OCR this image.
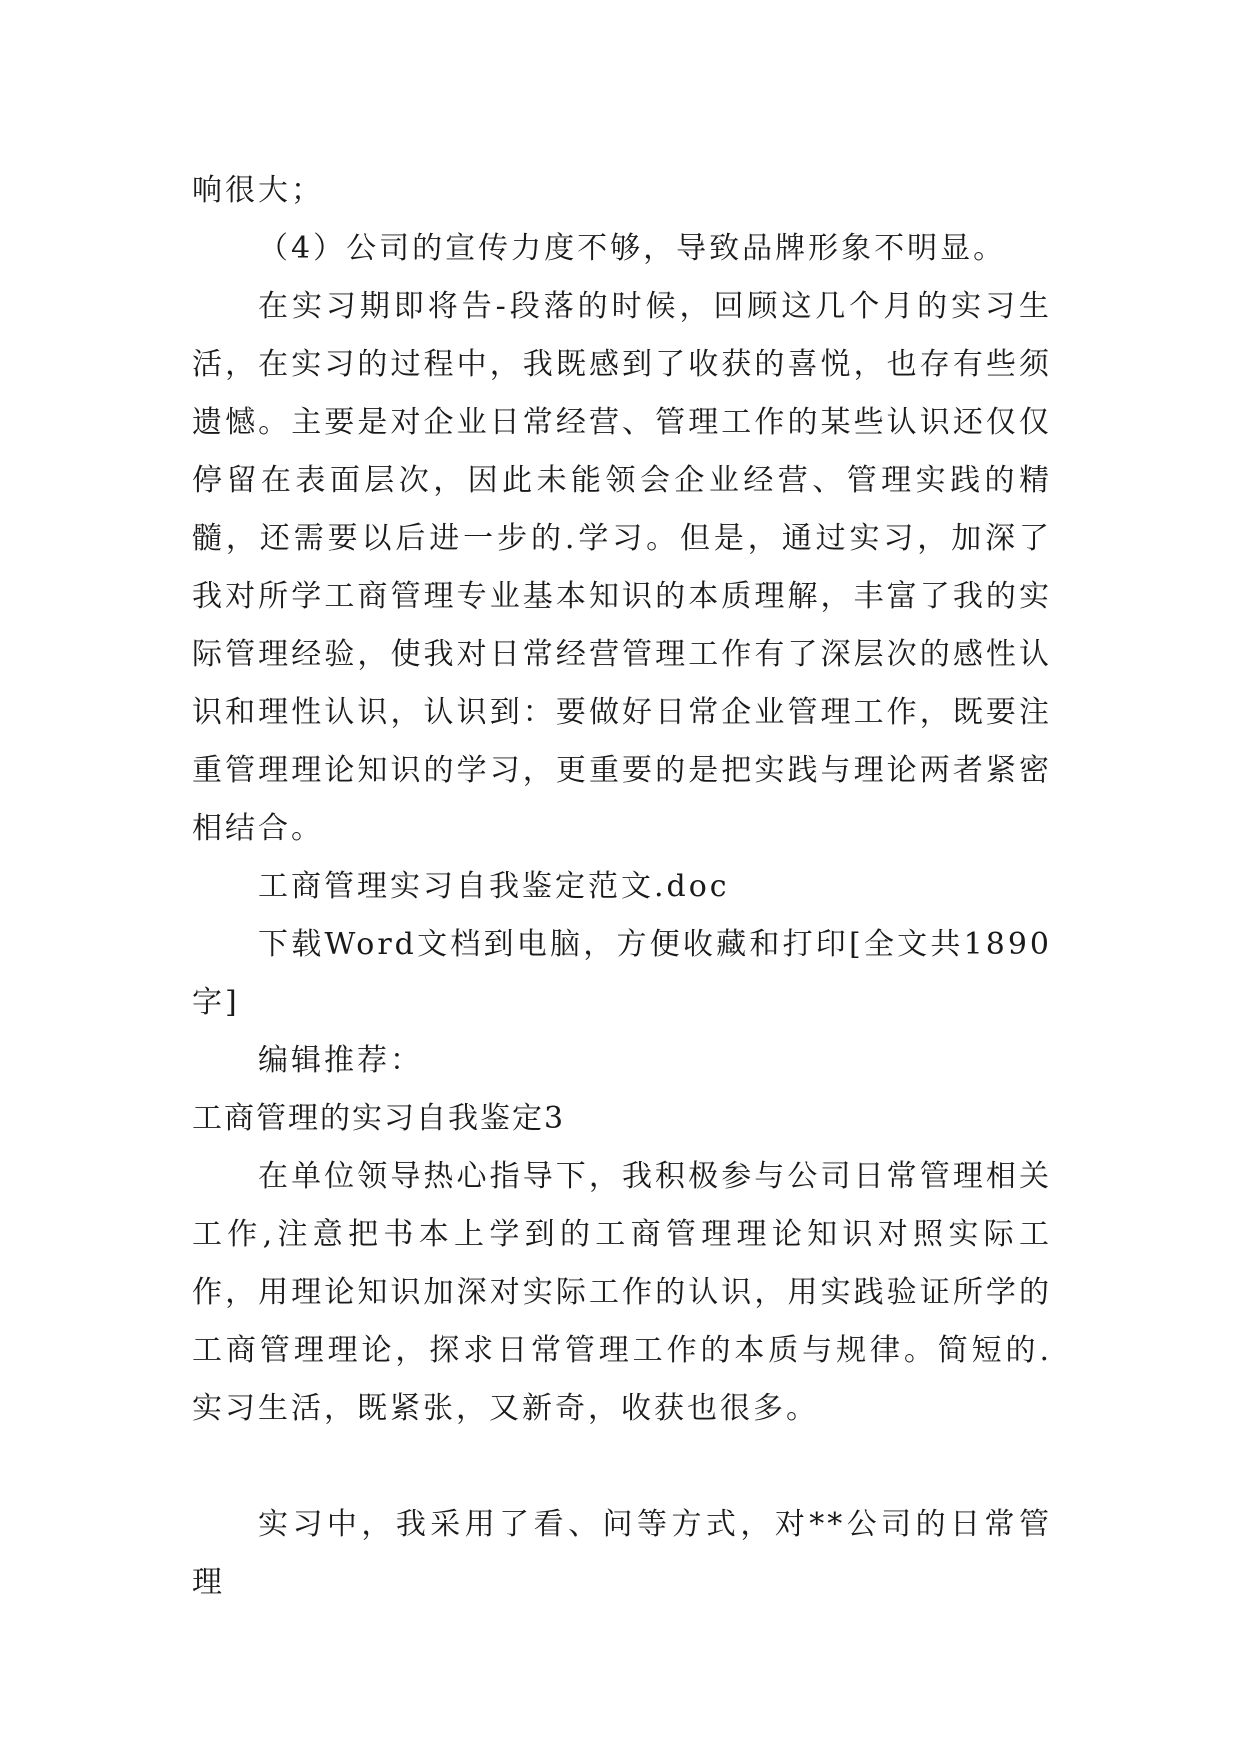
响很大；

（4）公司的宣传力度不够，导致品牌形象不明显。

在实习期即将告-段落的时候，回顾这几个月的实习生活，在实习的过程中，我既感到了收获的喜悦，也存有些须遗憾。主要是对企业日常经营、管理工作的某些认识还仅仅停留在表面层次，因此未能领会企业经营、管理实践的精髓，还需要以后进一步的.学习。但是，通过实习，加深了我对所学工商管理专业基本知识的本质理解，丰富了我的实际管理经验，使我对日常经营管理工作有了深层次的感性认识和理性认识，认识到：要做好日常企业管理工作，既要注重管理理论知识的学习，更重要的是把实践与理论两者紧密相结合。

工商管理实习自我鉴定范文.doc

下载Word文档到电脑，方便收藏和打印[全文共1890字]

编辑推荐：

工商管理的实习自我鉴定3

在单位领导热心指导下，我积极参与公司日常管理相关工作,注意把书本上学到的工商管理理论知识对照实际工作，用理论知识加深对实际工作的认识，用实践验证所学的工商管理理论，探求日常管理工作的本质与规律。简短的.实习生活，既紧张，又新奇，收获也很多。

实习中，我采用了看、问等方式，对**公司的日常管理
